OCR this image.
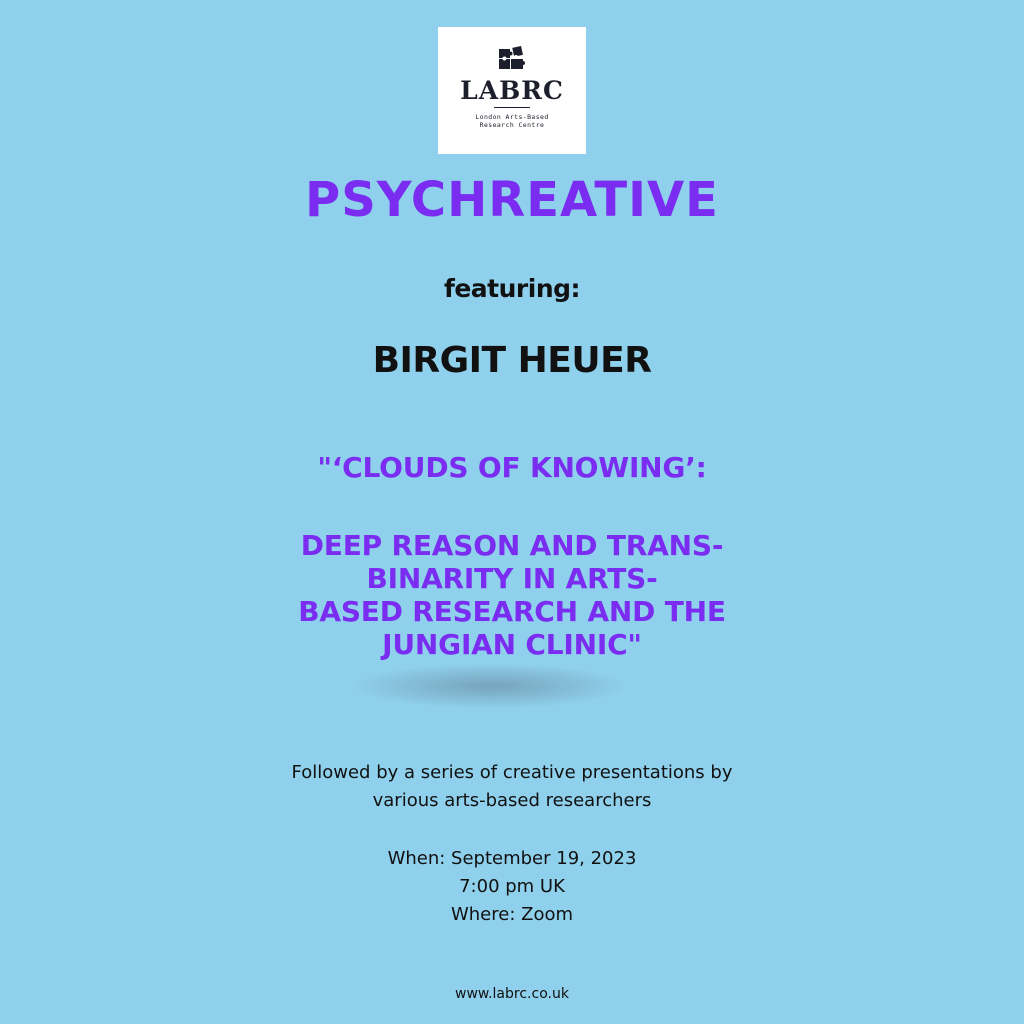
LABRC
London Arts-Based
Research Centre
PSYCHREATIVE
featuring:
BIRGIT HEUER
"‘CLOUDS OF KNOWING’:
DEEP REASON AND TRANS-
BINARITY IN ARTS-
BASED RESEARCH AND THE
JUNGIAN CLINIC"
Followed by a series of creative presentations by
various arts-based researchers
When: September 19, 2023
7:00 pm UK
Where: Zoom
www.labrc.co.uk
